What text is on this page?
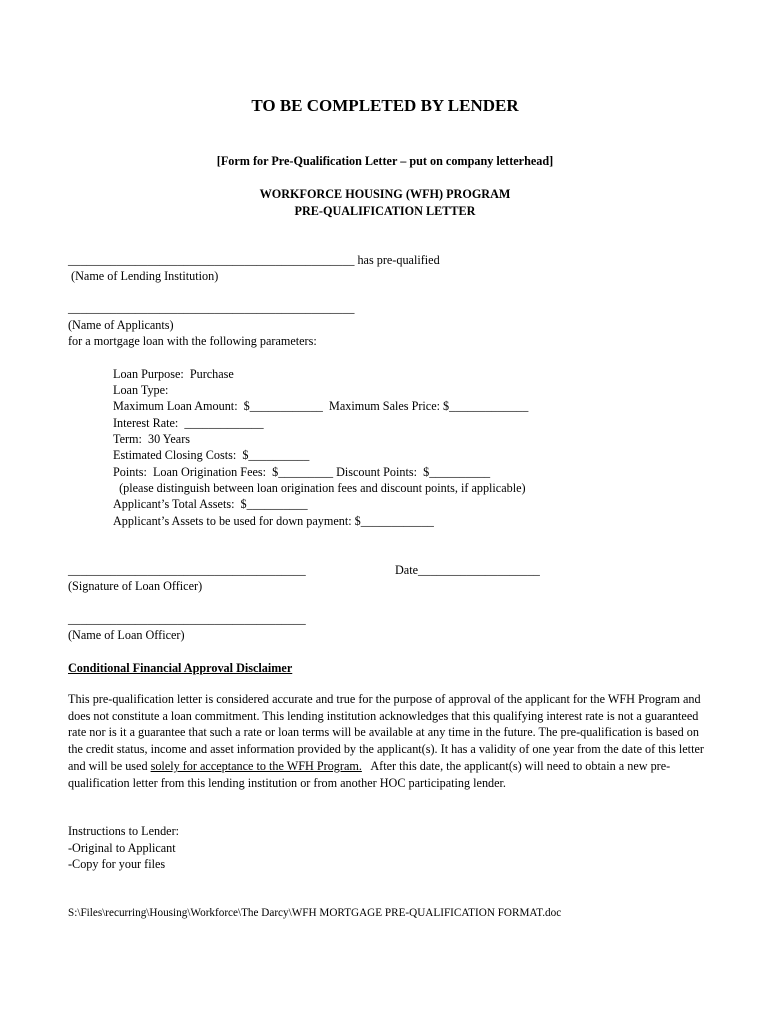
TO BE COMPLETED BY LENDER
[Form for Pre-Qualification Letter – put on company letterhead]
WORKFORCE HOUSING (WFH) PROGRAM
PRE-QUALIFICATION LETTER
_______________________________________________ has pre-qualified
(Name of Lending Institution)
_______________________________________________
(Name of Applicants)
for a mortgage loan with the following parameters:
Loan Purpose:  Purchase
Loan Type:
Maximum Loan Amount:  $____________  Maximum Sales Price: $_____________
Interest Rate:  _____________
Term:  30 Years
Estimated Closing Costs:  $__________
Points:  Loan Origination Fees:  $_________ Discount Points:  $__________
(please distinguish between loan origination fees and discount points, if applicable)
Applicant’s Total Assets:  $__________
Applicant’s Assets to be used for down payment: $____________
_______________________________________	Date____________________
(Signature of Loan Officer)
_______________________________________
(Name of Loan Officer)
Conditional Financial Approval Disclaimer
This pre-qualification letter is considered accurate and true for the purpose of approval of the applicant for the WFH Program and does not constitute a loan commitment. This lending institution acknowledges that this qualifying interest rate is not a guaranteed rate nor is it a guarantee that such a rate or loan terms will be available at any time in the future. The pre-qualification is based on the credit status, income and asset information provided by the applicant(s). It has a validity of one year from the date of this letter and will be used solely for acceptance to the WFH Program.   After this date, the applicant(s) will need to obtain a new pre-qualification letter from this lending institution or from another HOC participating lender.
Instructions to Lender:
-Original to Applicant
-Copy for your files
S:\Files\recurring\Housing\Workforce\The Darcy\WFH MORTGAGE PRE-QUALIFICATION FORMAT.doc
